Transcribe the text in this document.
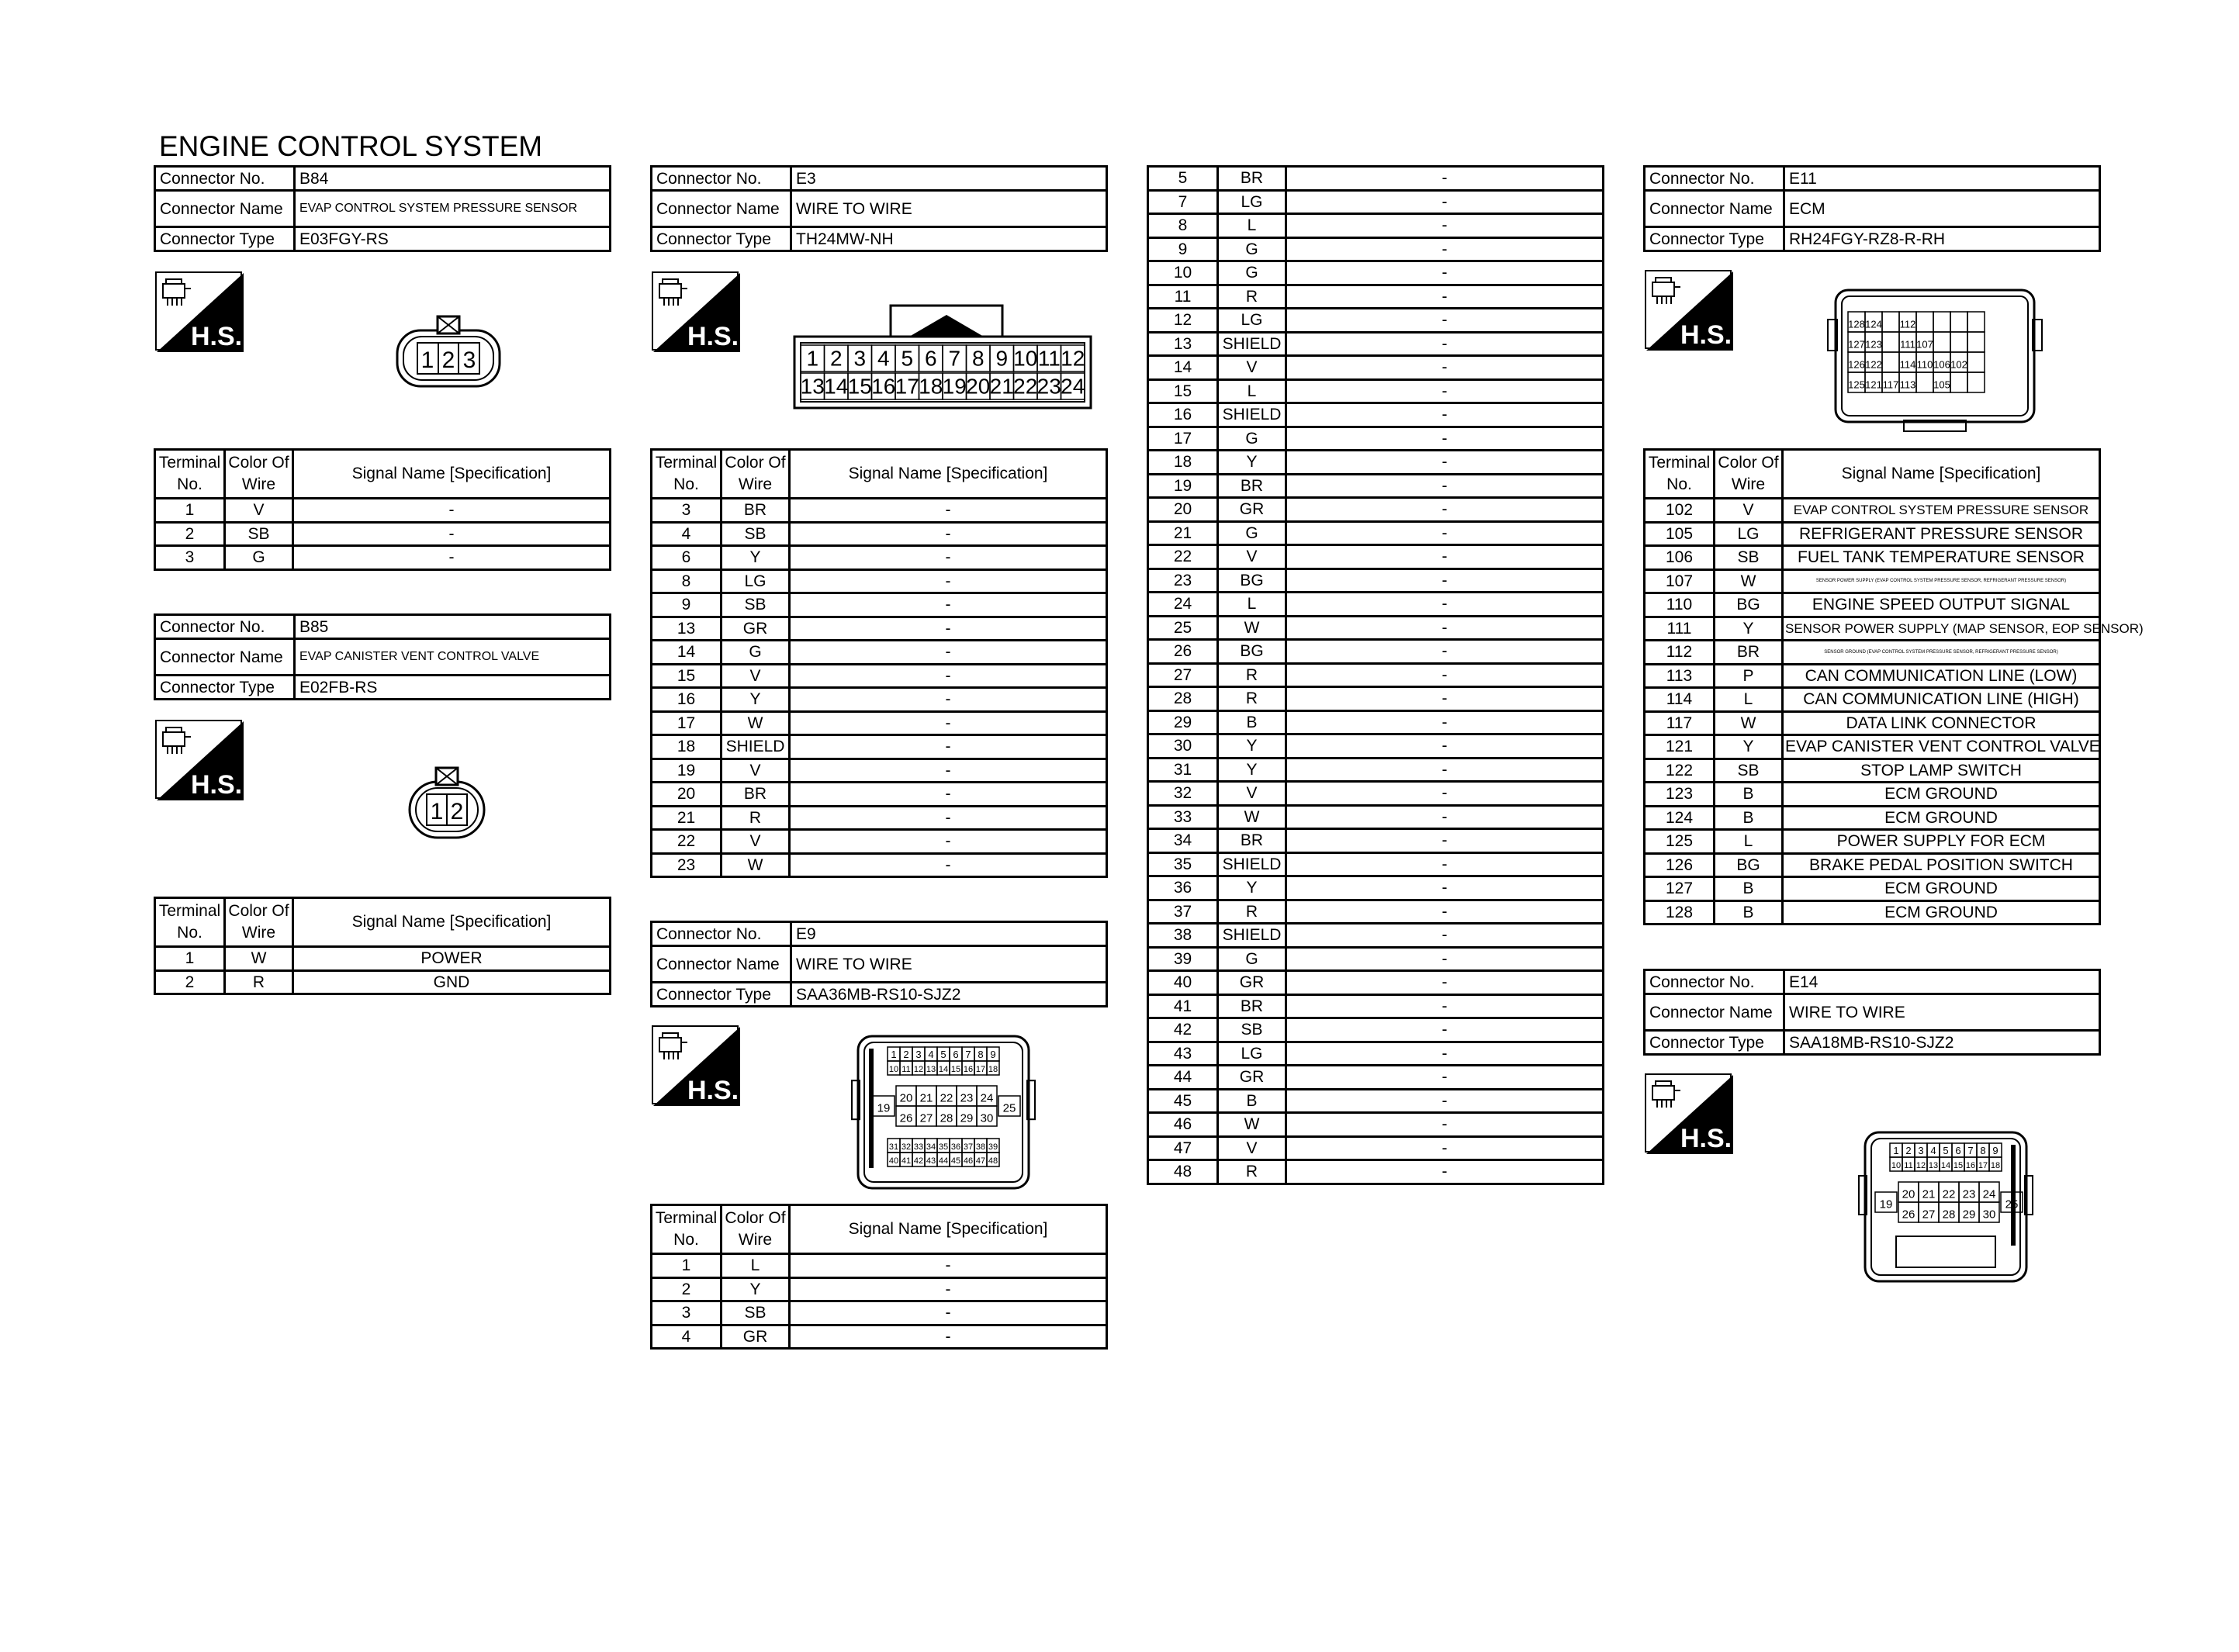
ENGINE CONTROL SYSTEM
Connector No.	B84
Connector Name	EVAP CONTROL SYSTEM PRESSURE SENSOR
Connector Type	E03FGY-RS
H.S.
1 2 3
Terminal No.	Color Of Wire	Signal Name [Specification]
1	V	-
2	SB	-
3	G	-
Connector No.	B85
Connector Name	EVAP CANISTER VENT CONTROL VALVE
Connector Type	E02FB-RS
H.S.
1 2
Terminal No.	Color Of Wire	Signal Name [Specification]
1	W	POWER
2	R	GND
Connector No.	E3
Connector Name	WIRE TO WIRE
Connector Type	TH24MW-NH
H.S.
1 2 3 4 5 6 7 8 9 10 11 12
13 14 15 16 17 18 19 20 21 22 23 24
Terminal No.	Color Of Wire	Signal Name [Specification]
3	BR	-
4	SB	-
6	Y	-
8	LG	-
9	SB	-
13	GR	-
14	G	-
15	V	-
16	Y	-
17	W	-
18	SHIELD	-
19	V	-
20	BR	-
21	R	-
22	V	-
23	W	-
Connector No.	E9
Connector Name	WIRE TO WIRE
Connector Type	SAA36MB-RS10-SJZ2
H.S.
1 2 3 4 5 6 7 8 9
10 11 12 13 14 15 16 17 18
20 21 22 23 24
26 27 28 29 30
19	25
31 32 33 34 35 36 37 38 39
40 41 42 43 44 45 46 47 48
Terminal No.	Color Of Wire	Signal Name [Specification]
1	L	-
2	Y	-
3	SB	-
4	GR	-
5	BR	-
7	LG	-
8	L	-
9	G	-
10	G	-
11	R	-
12	LG	-
13	SHIELD	-
14	V	-
15	L	-
16	SHIELD	-
17	G	-
18	Y	-
19	BR	-
20	GR	-
21	G	-
22	V	-
23	BG	-
24	L	-
25	W	-
26	BG	-
27	R	-
28	R	-
29	B	-
30	Y	-
31	Y	-
32	V	-
33	W	-
34	BR	-
35	SHIELD	-
36	Y	-
37	R	-
38	SHIELD	-
39	G	-
40	GR	-
41	BR	-
42	SB	-
43	LG	-
44	GR	-
45	B	-
46	W	-
47	V	-
48	R	-
Connector No.	E11
Connector Name	ECM
Connector Type	RH24FGY-RZ8-R-RH
H.S.	128 124 112
127 123 111 107
126 122 114 110 106 102
125 121 117 113 105
Terminal No.	Color Of Wire	Signal Name [Specification]
102	V	EVAP CONTROL SYSTEM PRESSURE SENSOR
105	LG	REFRIGERANT PRESSURE SENSOR
106	SB	FUEL TANK TEMPERATURE SENSOR
107	W	SENSOR POWER SUPPLY (EVAP CONTROL SYSTEM PRESSURE SENSOR, REFRIGERANT PRESSURE SENSOR)
110	BG	ENGINE SPEED OUTPUT SIGNAL
111	Y	SENSOR POWER SUPPLY (MAP SENSOR, EOP SENSOR)
112	BR	SENSOR GROUND (EVAP CONTROL SYSTEM PRESSURE SENSOR, REFRIGERANT PRESSURE SENSOR)
113	P	CAN COMMUNICATION LINE (LOW)
114	L	CAN COMMUNICATION LINE (HIGH)
117	W	DATA LINK CONNECTOR
121	Y	EVAP CANISTER VENT CONTROL VALVE
122	SB	STOP LAMP SWITCH
123	B	ECM GROUND
124	B	ECM GROUND
125	L	POWER SUPPLY FOR ECM
126	BG	BRAKE PEDAL POSITION SWITCH
127	B	ECM GROUND
128	B	ECM GROUND
Connector No.	E14
Connector Name	WIRE TO WIRE
Connector Type	SAA18MB-RS10-SJZ2
H.S.	1 2 3 4 5 6 7 8 9
10 11 12 13 14 15 16 17 18
20 21 22 23 24
26 27 28 29 30
19	25
